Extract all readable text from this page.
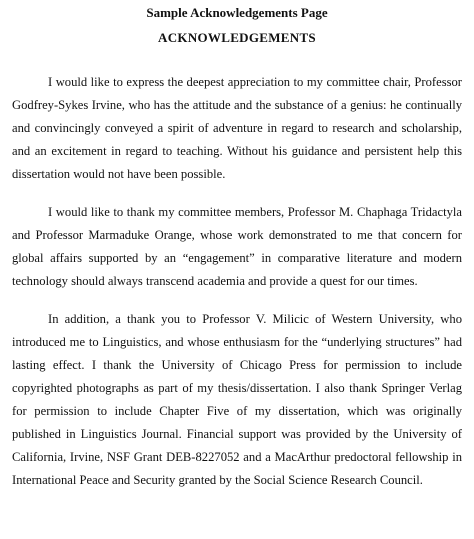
Sample Acknowledgements Page
ACKNOWLEDGEMENTS

I would like to express the deepest appreciation to my committee chair, Professor Godfrey-Sykes Irvine, who has the attitude and the substance of a genius: he continually and convincingly conveyed a spirit of adventure in regard to research and scholarship, and an excitement in regard to teaching. Without his guidance and persistent help this dissertation would not have been possible.

I would like to thank my committee members, Professor M. Chaphaga Tridactyla and Professor Marmaduke Orange, whose work demonstrated to me that concern for global affairs supported by an “engagement” in comparative literature and modern technology should always transcend academia and provide a quest for our times.

In addition, a thank you to Professor V. Milicic of Western University, who introduced me to Linguistics, and whose enthusiasm for the “underlying structures” had lasting effect. I thank the University of Chicago Press for permission to include copyrighted photographs as part of my thesis/dissertation. I also thank Springer Verlag for permission to include Chapter Five of my dissertation, which was originally published in Linguistics Journal. Financial support was provided by the University of California, Irvine, NSF Grant DEB-8227052 and a MacArthur predoctoral fellowship in International Peace and Security granted by the Social Science Research Council.
